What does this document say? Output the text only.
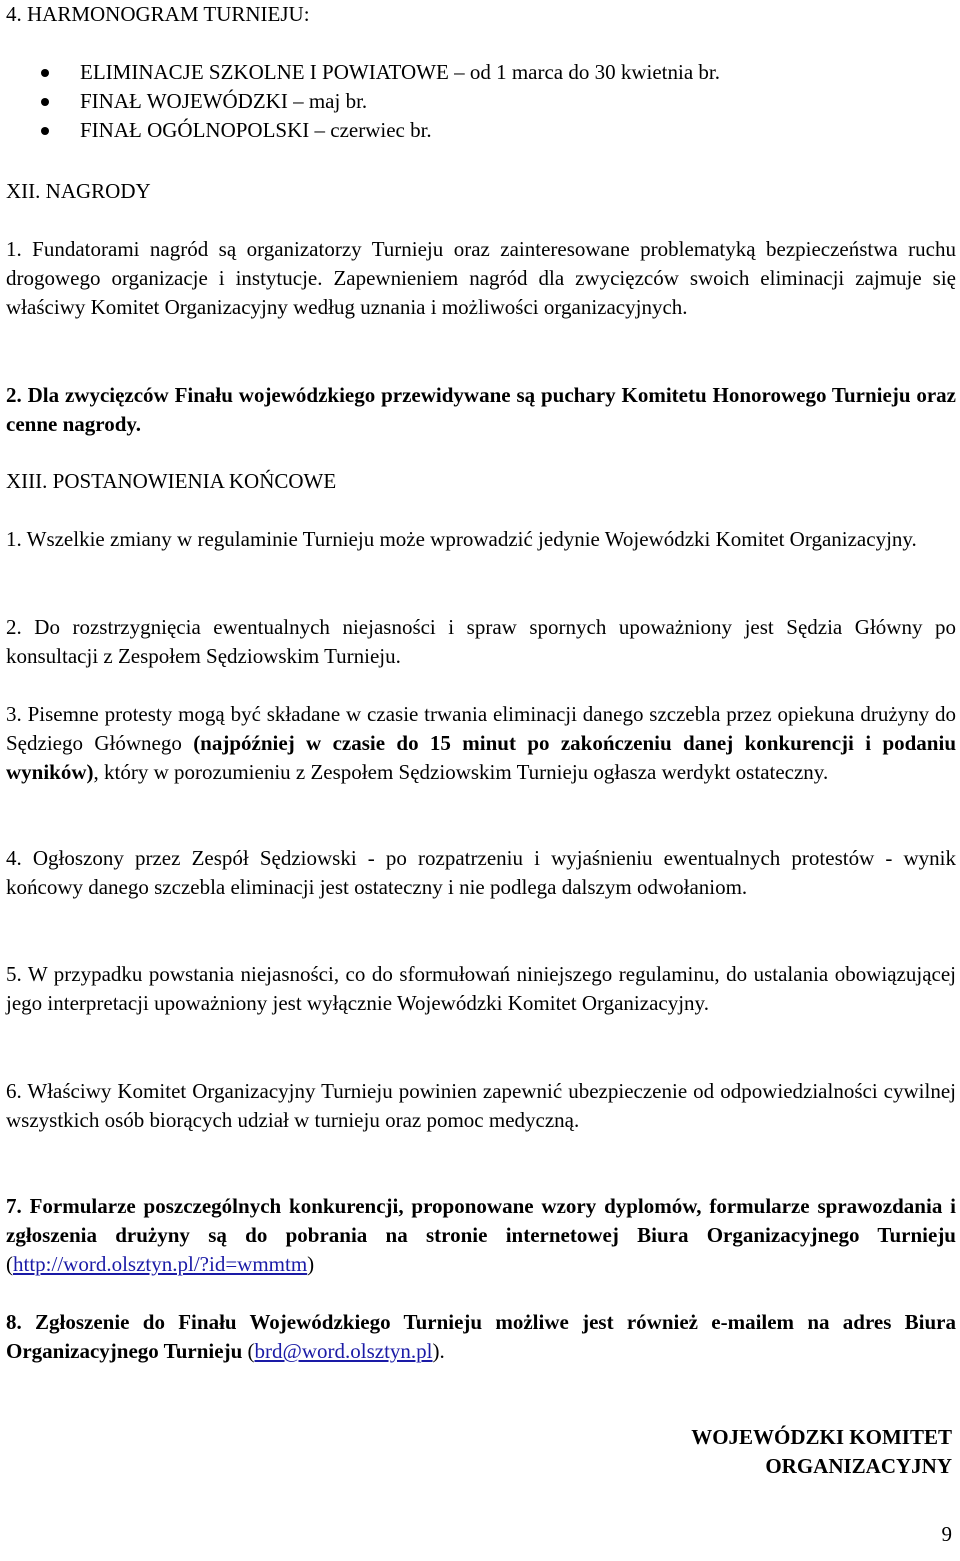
4. HARMONOGRAM TURNIEJU:
ELIMINACJE SZKOLNE I POWIATOWE – od 1 marca do 30 kwietnia br.
FINAŁ WOJEWÓDZKI – maj br.
FINAŁ OGÓLNOPOLSKI – czerwiec br.
XII. NAGRODY

1. Fundatorami nagród są organizatorzy Turnieju oraz zainteresowane problematyką bezpieczeństwa ruchu drogowego organizacje i instytucje. Zapewnieniem nagród dla zwycięzców swoich eliminacji zajmuje się właściwy Komitet Organizacyjny według uznania i możliwości organizacyjnych.

2. Dla zwycięzców Finału wojewódzkiego przewidywane są puchary Komitetu Honorowego Turnieju oraz cenne nagrody.

XIII. POSTANOWIENIA KOŃCOWE

1. Wszelkie zmiany w regulaminie Turnieju może wprowadzić jedynie Wojewódzki Komitet Organizacyjny.

2. Do rozstrzygnięcia ewentualnych niejasności i spraw spornych upoważniony jest Sędzia Główny po konsultacji z Zespołem Sędziowskim Turnieju.

3. Pisemne protesty mogą być składane w czasie trwania eliminacji danego szczebla przez opiekuna drużyny do Sędziego Głównego (najpóźniej w czasie do 15 minut po zakończeniu danej konkurencji i podaniu wyników), który w porozumieniu z Zespołem Sędziowskim Turnieju ogłasza werdykt ostateczny.

4. Ogłoszony przez Zespół Sędziowski - po rozpatrzeniu i wyjaśnieniu ewentualnych protestów - wynik końcowy danego szczebla eliminacji jest ostateczny i nie podlega dalszym odwołaniom.

5. W przypadku powstania niejasności, co do sformułowań niniejszego regulaminu, do ustalania obowiązującej jego interpretacji upoważniony jest wyłącznie Wojewódzki Komitet Organizacyjny.

6. Właściwy Komitet Organizacyjny Turnieju powinien zapewnić ubezpieczenie od odpowiedzialności cywilnej wszystkich osób biorących udział w turnieju oraz pomoc medyczną.

7. Formularze poszczególnych konkurencji, proponowane wzory dyplomów, formularze sprawozdania i zgłoszenia drużyny są do pobrania na stronie internetowej Biura Organizacyjnego Turnieju (http://word.olsztyn.pl/?id=wmmtm)

8. Zgłoszenie do Finału Wojewódzkiego Turnieju możliwe jest również e-mailem na adres Biura Organizacyjnego Turnieju (brd@word.olsztyn.pl).

WOJEWÓDZKI KOMITET
ORGANIZACYJNY
9
